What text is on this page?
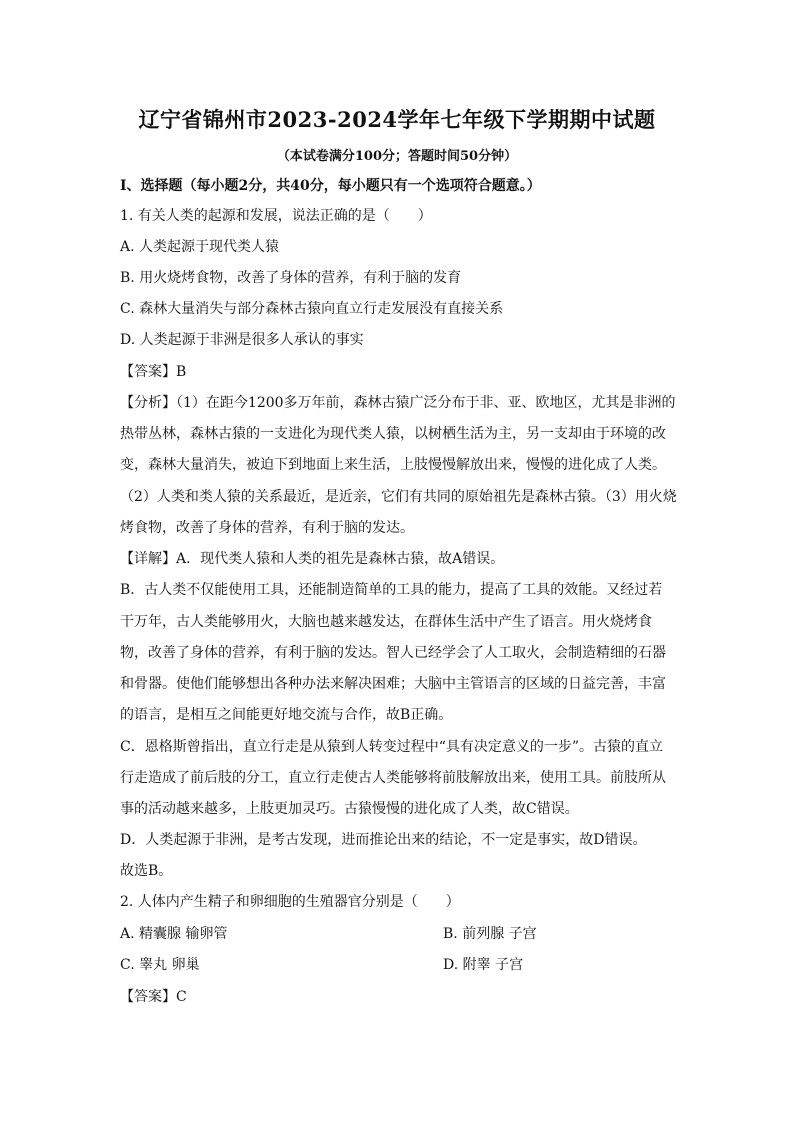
辽宁省锦州市2023-2024学年七年级下学期期中试题
（本试卷满分100分；答题时间50分钟）
I、选择题（每小题2分，共40分，每小题只有一个选项符合题意。）
1. 有关人类的起源和发展，说法正确的是（　　）
A. 人类起源于现代类人猿
B. 用火烧烤食物，改善了身体的营养，有利于脑的发育
C. 森林大量消失与部分森林古猿向直立行走发展没有直接关系
D. 人类起源于非洲是很多人承认的事实
【答案】B
【分析】（1）在距今1200多万年前，森林古猿广泛分布于非、亚、欧地区，尤其是非洲的
热带丛林，森林古猿的一支进化为现代类人猿，以树栖生活为主，另一支却由于环境的改
变，森林大量消失，被迫下到地面上来生活，上肢慢慢解放出来，慢慢的进化成了人类。
（2）人类和类人猿的关系最近，是近亲，它们有共同的原始祖先是森林古猿。（3）用火烧
烤食物，改善了身体的营养，有利于脑的发达。
【详解】A．现代类人猿和人类的祖先是森林古猿，故A错误。
B．古人类不仅能使用工具，还能制造简单的工具的能力，提高了工具的效能。又经过若
干万年，古人类能够用火，大脑也越来越发达，在群体生活中产生了语言。用火烧烤食
物，改善了身体的营养，有利于脑的发达。智人已经学会了人工取火，会制造精细的石器
和骨器。使他们能够想出各种办法来解决困难；大脑中主管语言的区域的日益完善，丰富
的语言，是相互之间能更好地交流与合作，故B正确。
C．恩格斯曾指出，直立行走是从猿到人转变过程中“具有决定意义的一步”。古猿的直立
行走造成了前后肢的分工，直立行走使古人类能够将前肢解放出来，使用工具。前肢所从
事的活动越来越多，上肢更加灵巧。古猿慢慢的进化成了人类，故C错误。
D．人类起源于非洲，是考古发现，进而推论出来的结论，不一定是事实，故D错误。
故选B。
2. 人体内产生精子和卵细胞的生殖器官分别是（　　）
A. 精囊腺 输卵管	B. 前列腺 子宫
C. 睾丸 卵巢	D. 附睾 子宫
【答案】C
